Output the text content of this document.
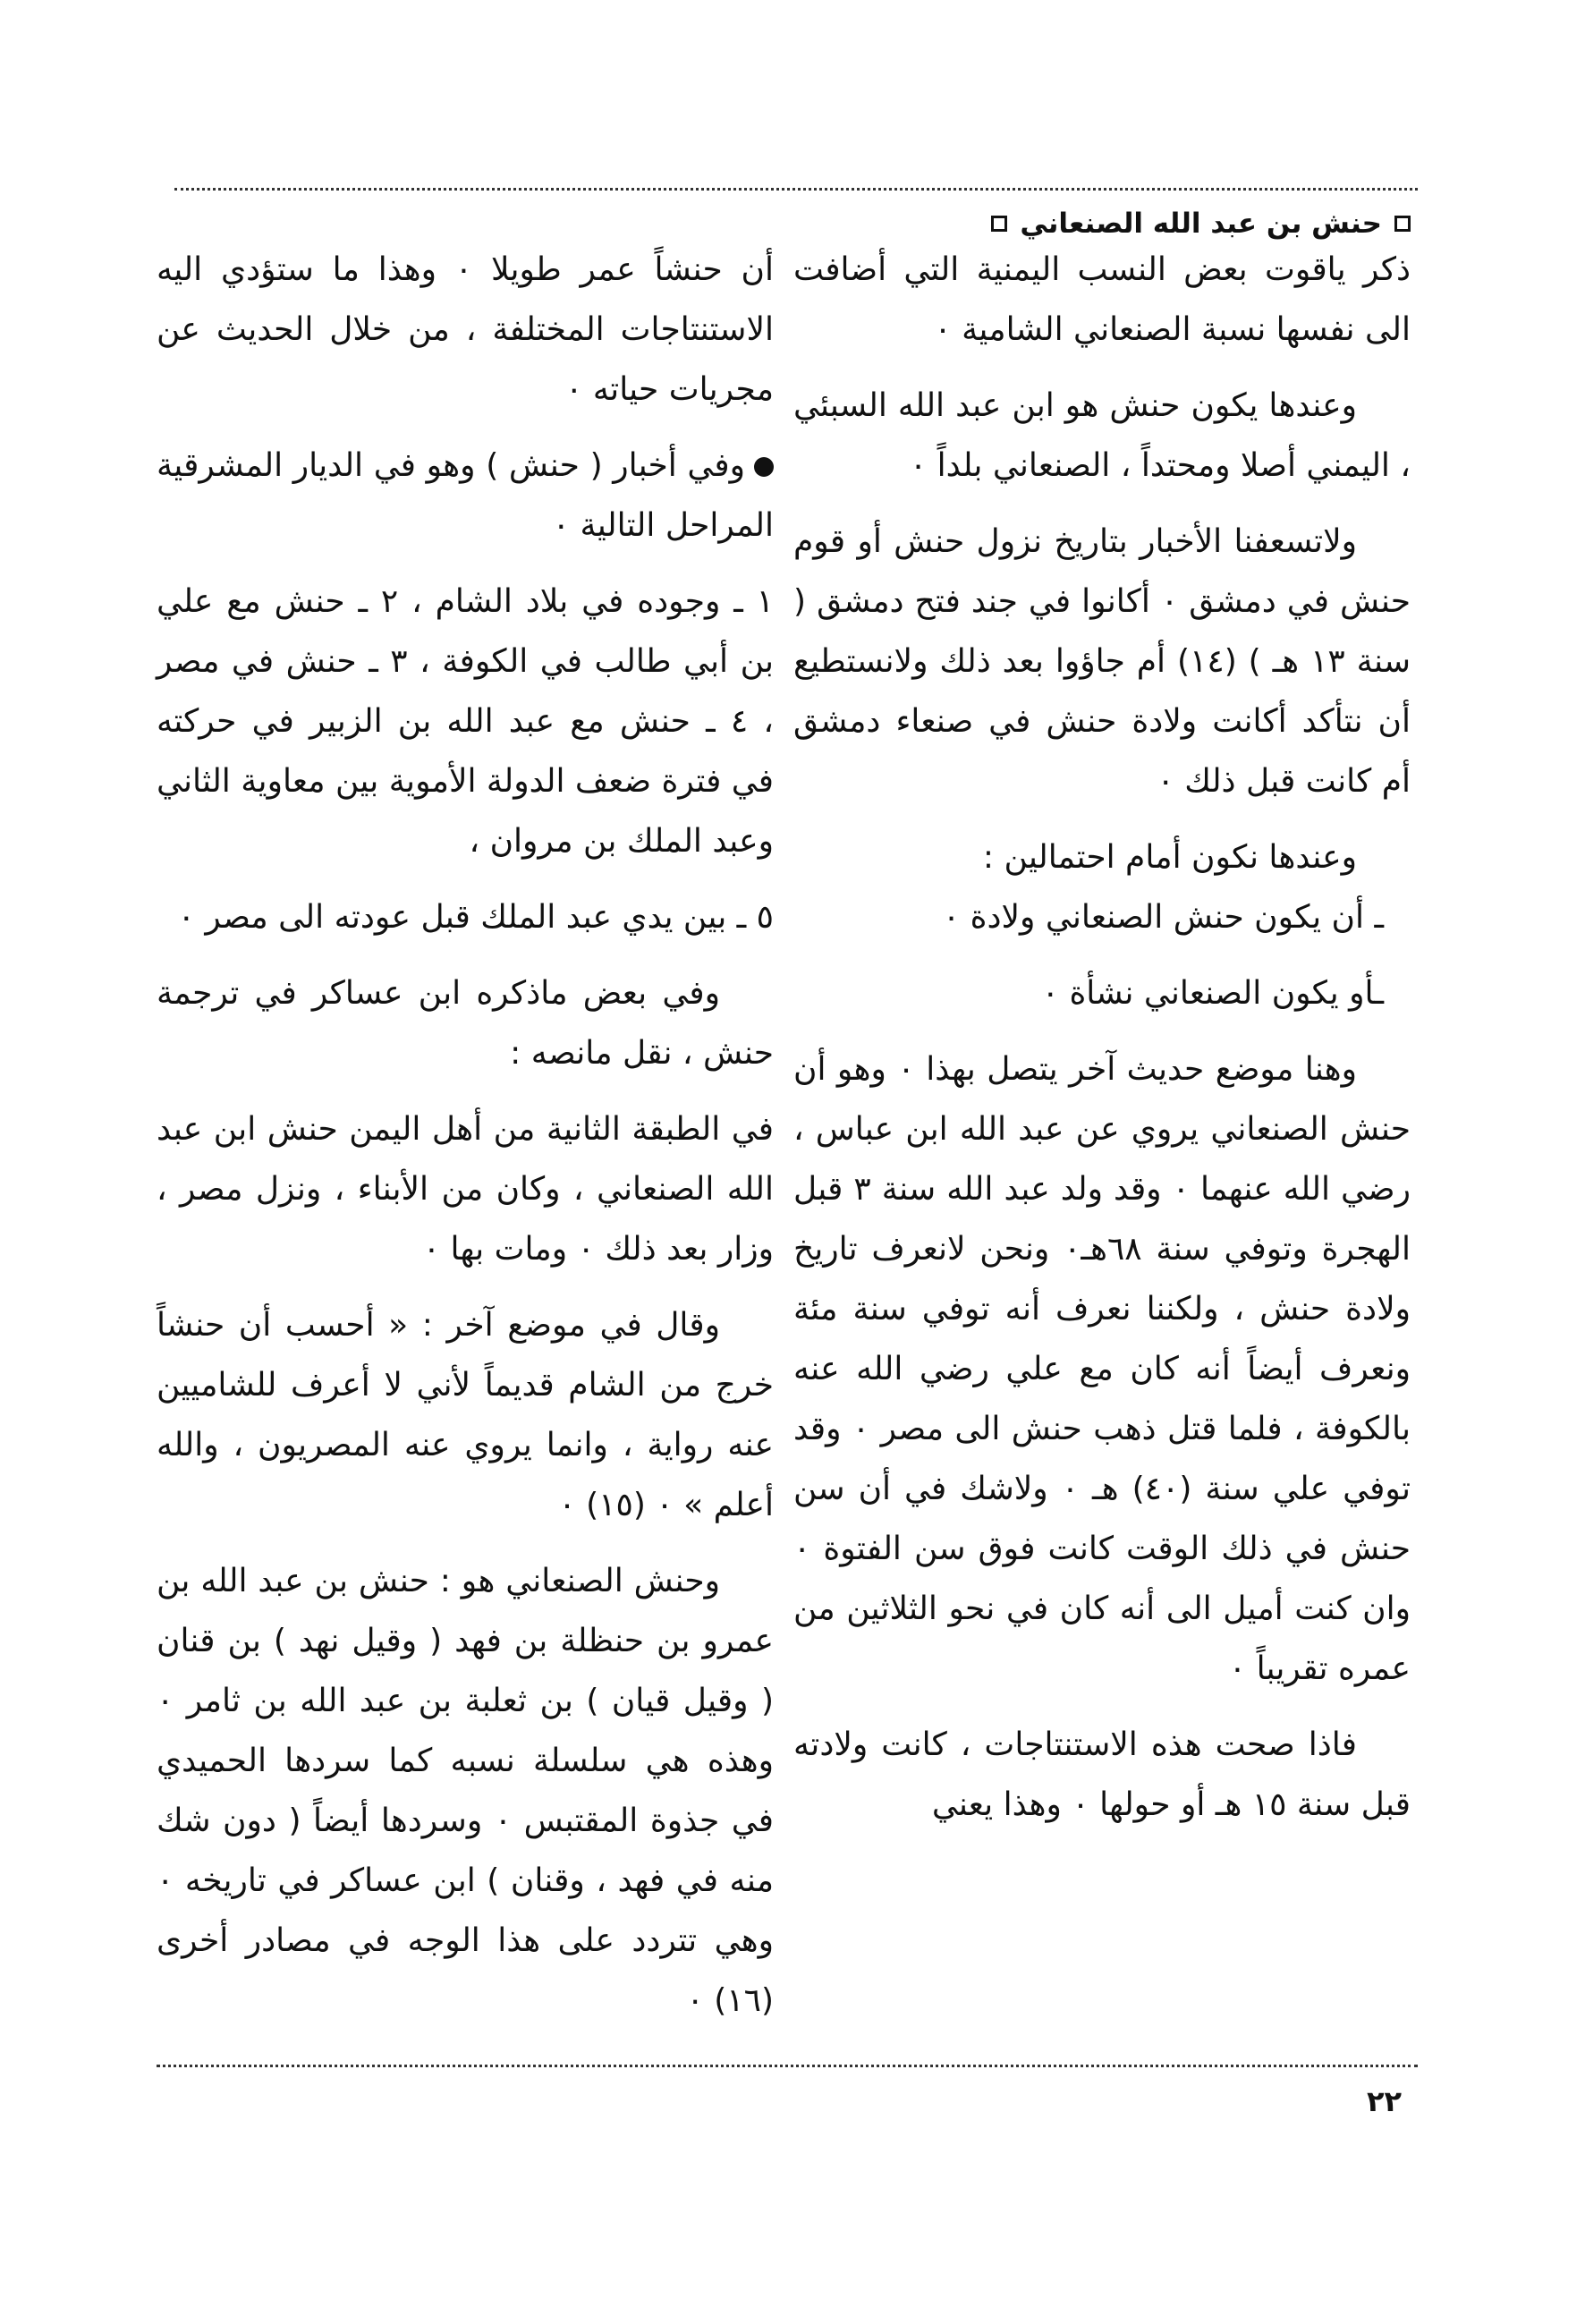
حنش بن عبد الله الصنعاني

ذكر ياقوت بعض النسب اليمنية التي أضافت الى نفسها نسبة الصنعاني الشامية ٠

وعندها يكون حنش هو ابن عبد الله السبئي ، اليمني أصلا ومحتداً ، الصنعاني بلداً ٠

ولاتسعفنا الأخبار بتاريخ نزول حنش أو قوم حنش في دمشق ٠ أكانوا في جند فتح دمشق ( سنة ١٣ هـ ) (١٤) أم جاؤوا بعد ذلك ولانستطيع أن نتأكد أكانت ولادة حنش في صنعاء دمشق أم كانت قبل ذلك ٠

وعندها نكون أمام احتمالين :

ـ أن يكون حنش الصنعاني ولادة ٠

ـأو يكون الصنعاني نشأة ٠

وهنا موضع حديث آخر يتصل بهذا ٠ وهو أن حنش الصنعاني يروي عن عبد الله ابن عباس ، رضي الله عنهما ٠ وقد ولد عبد الله سنة ٣ قبل الهجرة وتوفي سنة ٦٨هـ٠ ونحن لانعرف تاريخ ولادة حنش ، ولكننا نعرف أنه توفي سنة مئة ونعرف أيضاً أنه كان مع علي رضي الله عنه بالكوفة ، فلما قتل ذهب حنش الى مصر ٠ وقد توفي علي سنة (٤٠) هـ ٠ ولاشك في أن سن حنش في ذلك الوقت كانت فوق سن الفتوة ٠ وان كنت أميل الى أنه كان في نحو الثلاثين من عمره تقريباً ٠

فاذا صحت هذه الاستنتاجات ، كانت ولادته قبل سنة ١٥ هـ أو حولها ٠ وهذا يعني

أن حنشاً عمر طويلا ٠ وهذا ما ستؤدي اليه الاستنتاجات المختلفة ، من خلال الحديث عن مجريات حياته ٠

وفي أخبار ( حنش ) وهو في الديار المشرقية المراحل التالية ٠

١ ـ وجوده في بلاد الشام ، ٢ ـ حنش مع علي بن أبي طالب في الكوفة ، ٣ ـ حنش في مصر ، ٤ ـ حنش مع عبد الله بن الزبير في حركته في فترة ضعف الدولة الأموية بين معاوية الثاني وعبد الملك بن مروان ،

٥ ـ بين يدي عبد الملك قبل عودته الى مصر ٠

وفي بعض ماذكره ابن عساكر في ترجمة حنش ، نقل مانصه :

في الطبقة الثانية من أهل اليمن حنش ابن عبد الله الصنعاني ، وكان من الأبناء ، ونزل مصر ، وزار بعد ذلك ٠ ومات بها ٠

وقال في موضع آخر : « أحسب أن حنشاً خرج من الشام قديماً لأني لا أعرف للشاميين عنه رواية ، وانما يروي عنه المصريون ، والله أعلم » ٠ (١٥) ٠

وحنش الصنعاني هو : حنش بن عبد الله بن عمرو بن حنظلة بن فهد ( وقيل نهد ) بن قنان ( وقيل قيان ) بن ثعلبة بن عبد الله بن ثامر ٠ وهذه هي سلسلة نسبه كما سردها الحميدي في جذوة المقتبس ٠ وسردها أيضاً ( دون شك منه في فهد ، وقنان ) ابن عساكر في تاريخه ٠ وهي تتردد على هذا الوجه في مصادر أخرى (١٦) ٠

٢٢
